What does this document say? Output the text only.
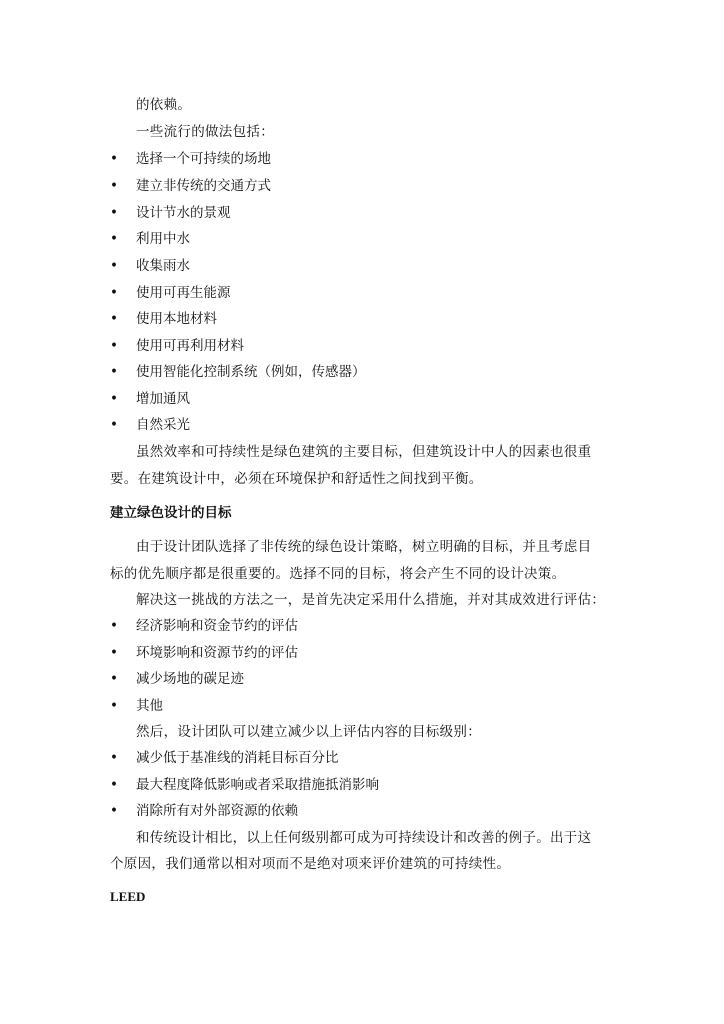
的依赖。
一些流行的做法包括：
•	选择一个可持续的场地
•	建立非传统的交通方式
•	设计节水的景观
•	利用中水
•	收集雨水
•	使用可再生能源
•	使用本地材料
•	使用可再利用材料
•	使用智能化控制系统（例如，传感器）
•	增加通风
•	自然采光
虽然效率和可持续性是绿色建筑的主要目标，但建筑设计中人的因素也很重
要。在建筑设计中，必须在环境保护和舒适性之间找到平衡。
建立绿色设计的目标
由于设计团队选择了非传统的绿色设计策略，树立明确的目标，并且考虑目
标的优先顺序都是很重要的。选择不同的目标，将会产生不同的设计决策。
解决这一挑战的方法之一，是首先决定采用什么措施，并对其成效进行评估：
•	经济影响和资金节约的评估
•	环境影响和资源节约的评估
•	减少场地的碳足迹
•	其他
然后，设计团队可以建立减少以上评估内容的目标级别：
•	减少低于基准线的消耗目标百分比
•	最大程度降低影响或者采取措施抵消影响
•	消除所有对外部资源的依赖
和传统设计相比，以上任何级别都可成为可持续设计和改善的例子。出于这
个原因，我们通常以相对项而不是绝对项来评价建筑的可持续性。
LEED
